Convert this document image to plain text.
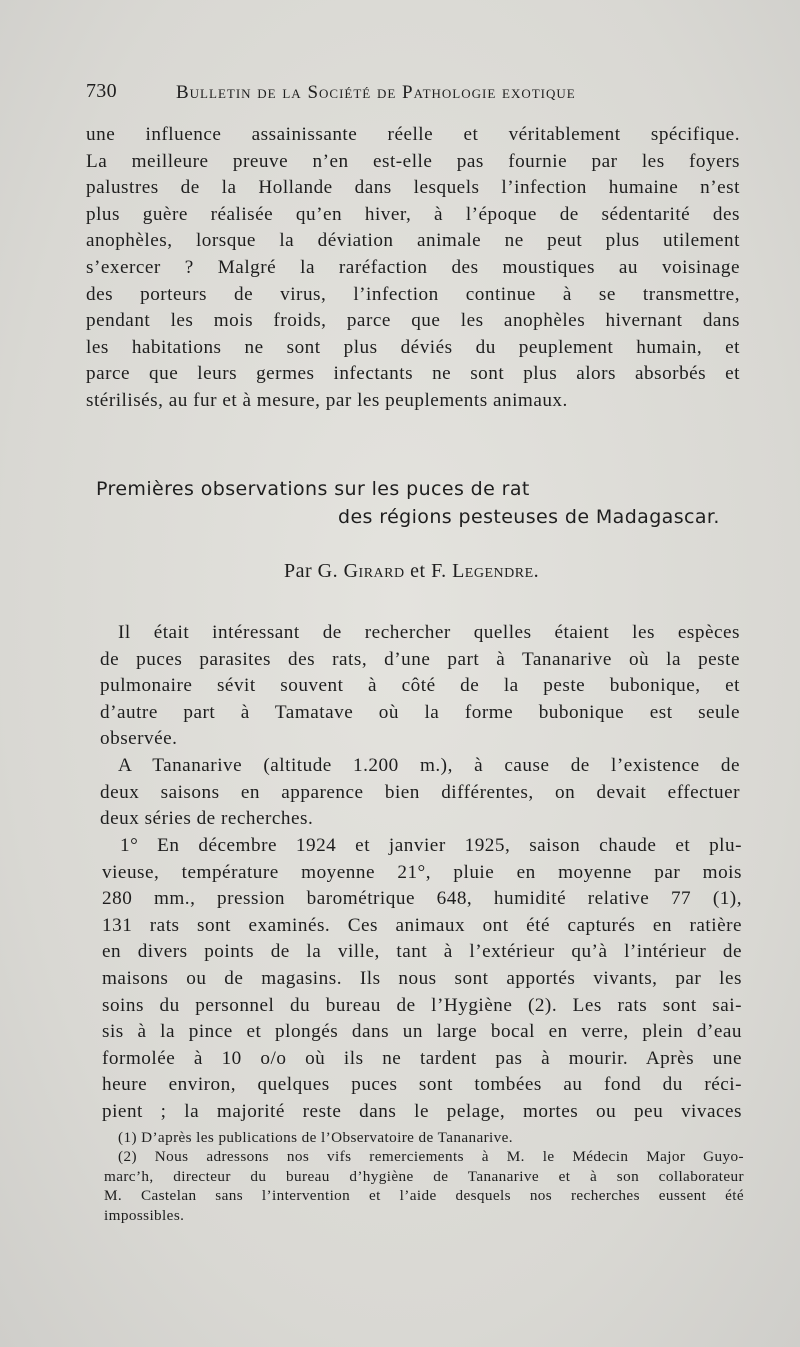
730	Bulletin de la Société de Pathologie exotique

une influence assainissante réelle et véritablement spécifique.
La meilleure preuve n’en est-elle pas fournie par les foyers
palustres de la Hollande dans lesquels l’infection humaine n’est
plus guère réalisée qu’en hiver, à l’époque de sédentarité des
anophèles, lorsque la déviation animale ne peut plus utilement
s’exercer ? Malgré la raréfaction des moustiques au voisinage
des porteurs de virus, l’infection continue à se transmettre,
pendant les mois froids, parce que les anophèles hivernant dans
les habitations ne sont plus déviés du peuplement humain, et
parce que leurs germes infectants ne sont plus alors absorbés et
stérilisés, au fur et à mesure, par les peuplements animaux.

Premières observations sur les puces de rat
des régions pesteuses de Madagascar.
Par G. Girard et F. Legendre.

Il était intéressant de rechercher quelles étaient les espèces
de puces parasites des rats, d’une part à Tananarive où la peste
pulmonaire sévit souvent à côté de la peste bubonique, et
d’autre part à Tamatave où la forme bubonique est seule
observée.

A Tananarive (altitude 1.200 m.), à cause de l’existence de
deux saisons en apparence bien différentes, on devait effectuer
deux séries de recherches.

1° En décembre 1924 et janvier 1925, saison chaude et plu-
vieuse, température moyenne 21°, pluie en moyenne par mois
280 mm., pression barométrique 648, humidité relative 77 (1),
131 rats sont examinés. Ces animaux ont été capturés en ratière
en divers points de la ville, tant à l’extérieur qu’à l’intérieur de
maisons ou de magasins. Ils nous sont apportés vivants, par les
soins du personnel du bureau de l’Hygiène (2). Les rats sont sai-
sis à la pince et plongés dans un large bocal en verre, plein d’eau
formolée à 10 o/o où ils ne tardent pas à mourir. Après une
heure environ, quelques puces sont tombées au fond du réci-
pient ; la majorité reste dans le pelage, mortes ou peu vivaces

(1) D’après les publications de l’Observatoire de Tananarive.
(2) Nous adressons nos vifs remerciements à M. le Médecin Major Guyo-
marc’h, directeur du bureau d’hygiène de Tananarive et à son collaborateur
M. Castelan sans l’intervention et l’aide desquels nos recherches eussent été
impossibles.
